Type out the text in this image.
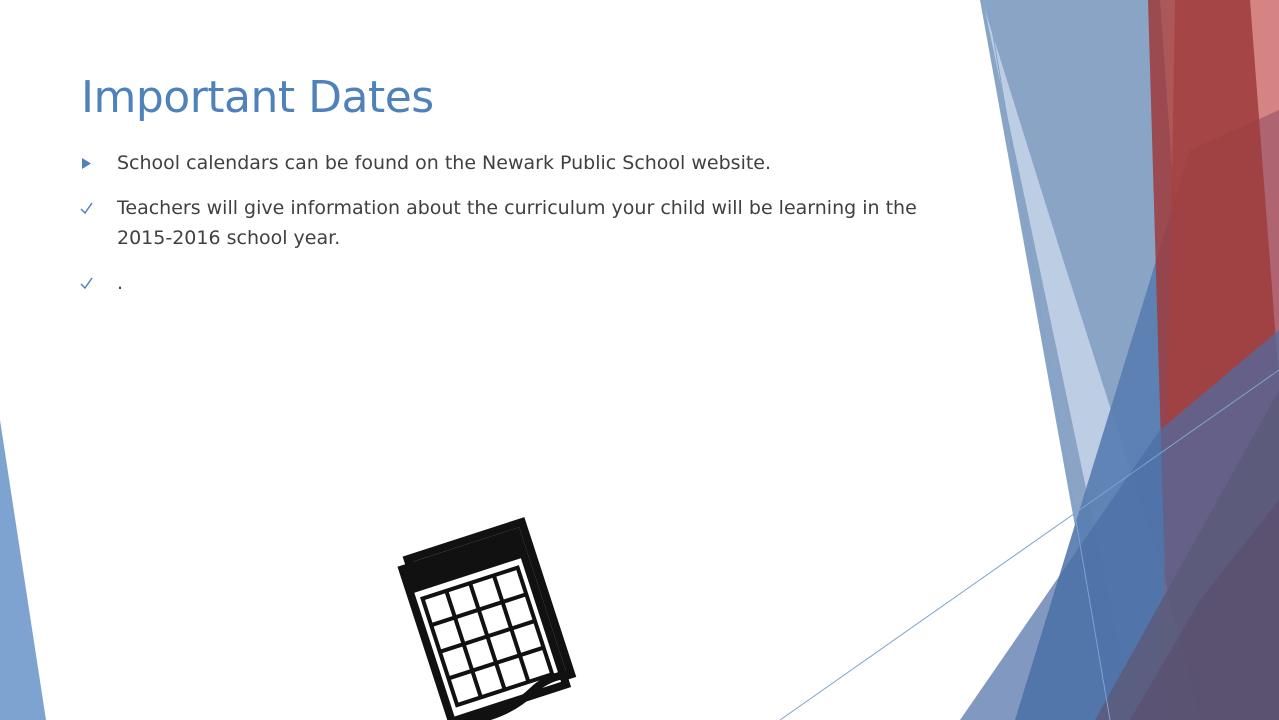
Important Dates
School calendars can be found on the Newark Public School website.
Teachers will give information about the curriculum your child will be learning in the 2015-2016 school year.
.
